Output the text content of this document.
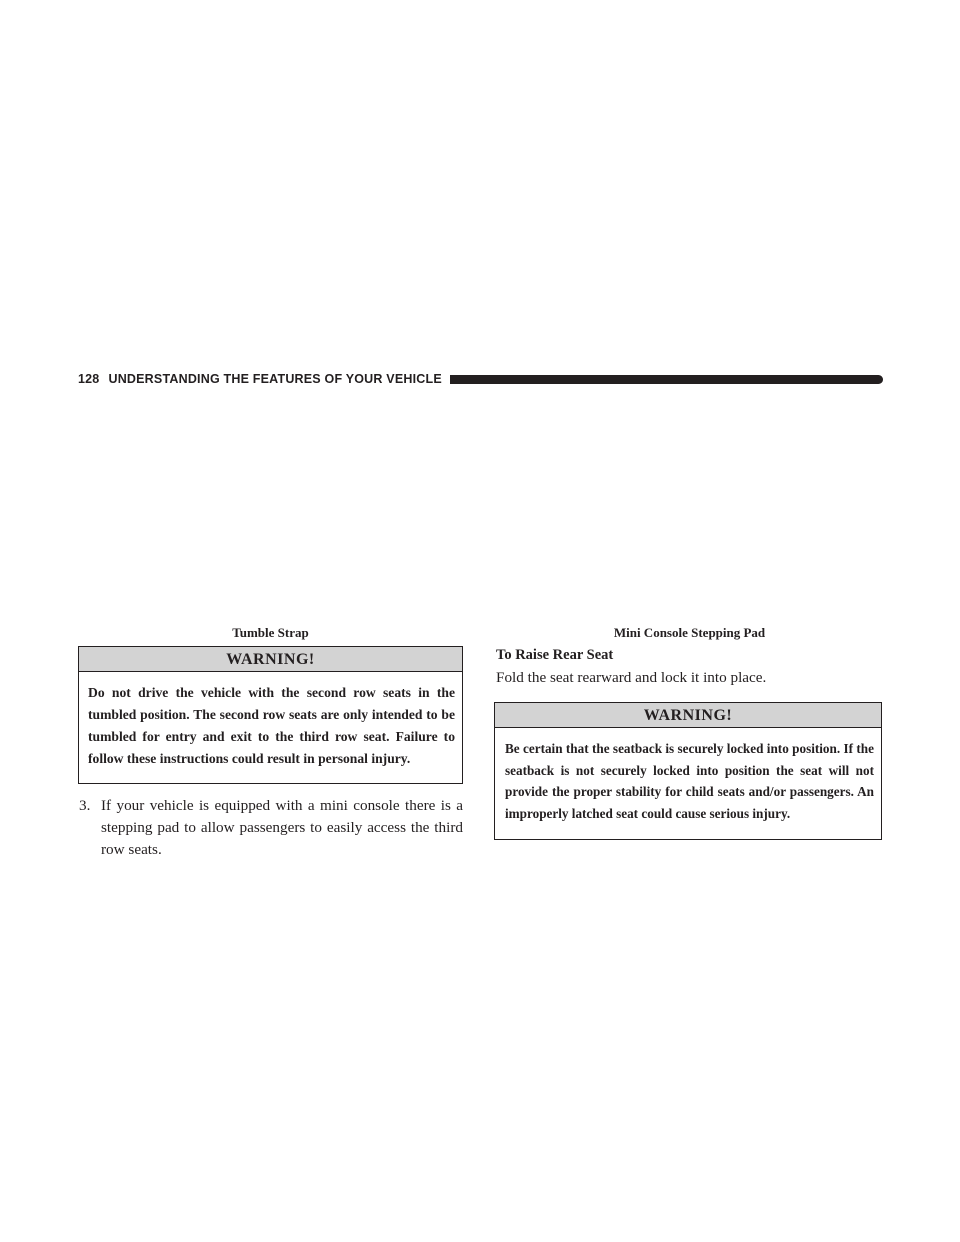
128 UNDERSTANDING THE FEATURES OF YOUR VEHICLE
Tumble Strap	Mini Console Stepping Pad
WARNING!
Do not drive the vehicle with the second row seats in the tumbled position. The second row seats are only intended to be tumbled for entry and exit to the third row seat. Failure to follow these instructions could result in personal injury.
3. If your vehicle is equipped with a mini console there is a stepping pad to allow passengers to easily access the third row seats.
To Raise Rear Seat
Fold the seat rearward and lock it into place.
WARNING!
Be certain that the seatback is securely locked into position. If the seatback is not securely locked into position the seat will not provide the proper stability for child seats and/or passengers. An improperly latched seat could cause serious injury.
